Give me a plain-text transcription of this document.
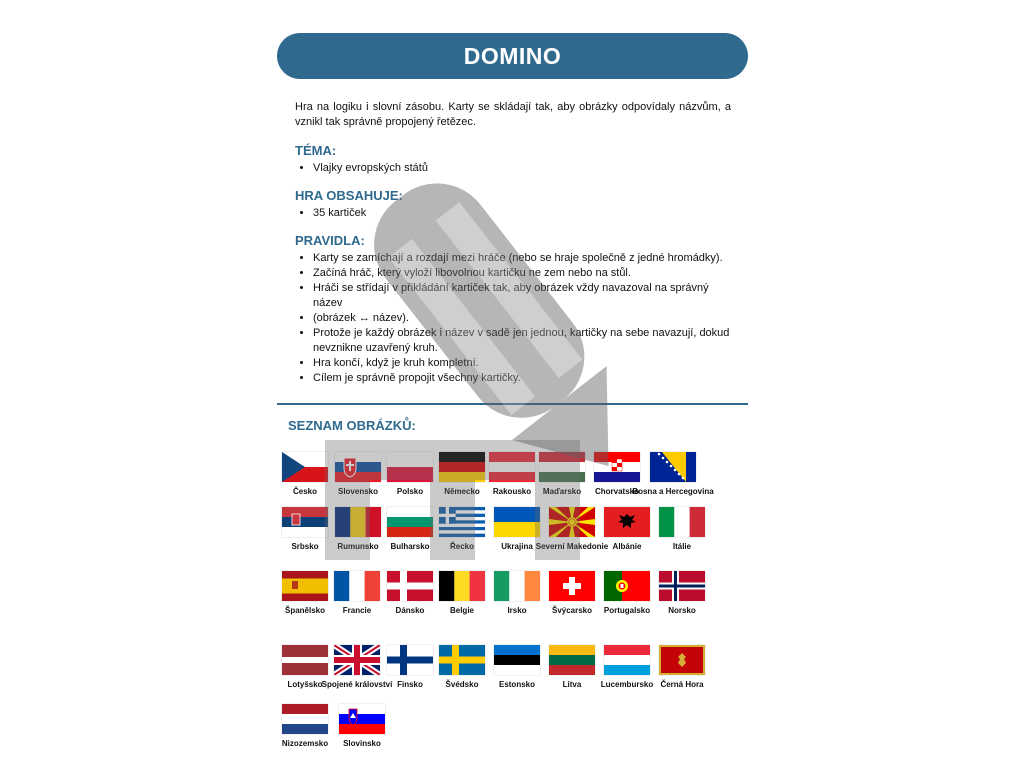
DOMINO

Hra na logiku i slovní zásobu. Karty se skládají tak, aby obrázky odpovídaly názvům, a vznikl tak správně propojený řetězec.

TÉMA:
• Vlajky evropských států
HRA OBSAHUJE:
• 35 kartiček
PRAVIDLA:
• Karty se zamíchají a rozdají mezi hráče (nebo se hraje společně z jedné hromádky).
• Začíná hráč, který vyloží libovolnou kartičku ne zem nebo na stůl.
• Hráči se střídají v přikládání kartiček tak, aby obrázek vždy navazoval na správný název
• (obrázek ↔ název).
• Protože je každý obrázek i název v sadě jen jednou, kartičky na sebe navazují, dokud nevznikne uzavřený kruh.
• Hra končí, když je kruh kompletní.
• Cílem je správně propojit všechny kartičky.
SEZNAM OBRÁZKŮ:
Česko	Slovensko Polsko	Německo Rakousko Maďarsko Chorvatsko
Bosna a Hercegovina
Srbsko Rumunsko Bulharsko	Řecko	Ukrajina Severní Makedonie Albánie	Itálie
Španělsko Francie	Dánsko	Belgie	Irsko	Švýcarsko Portugalsko Norsko
Lotyšsko Spojené království Finsko	Švédsko	Estonsko	Litva Lucembursko Černá Hora
Nizozemsko Slovinsko
